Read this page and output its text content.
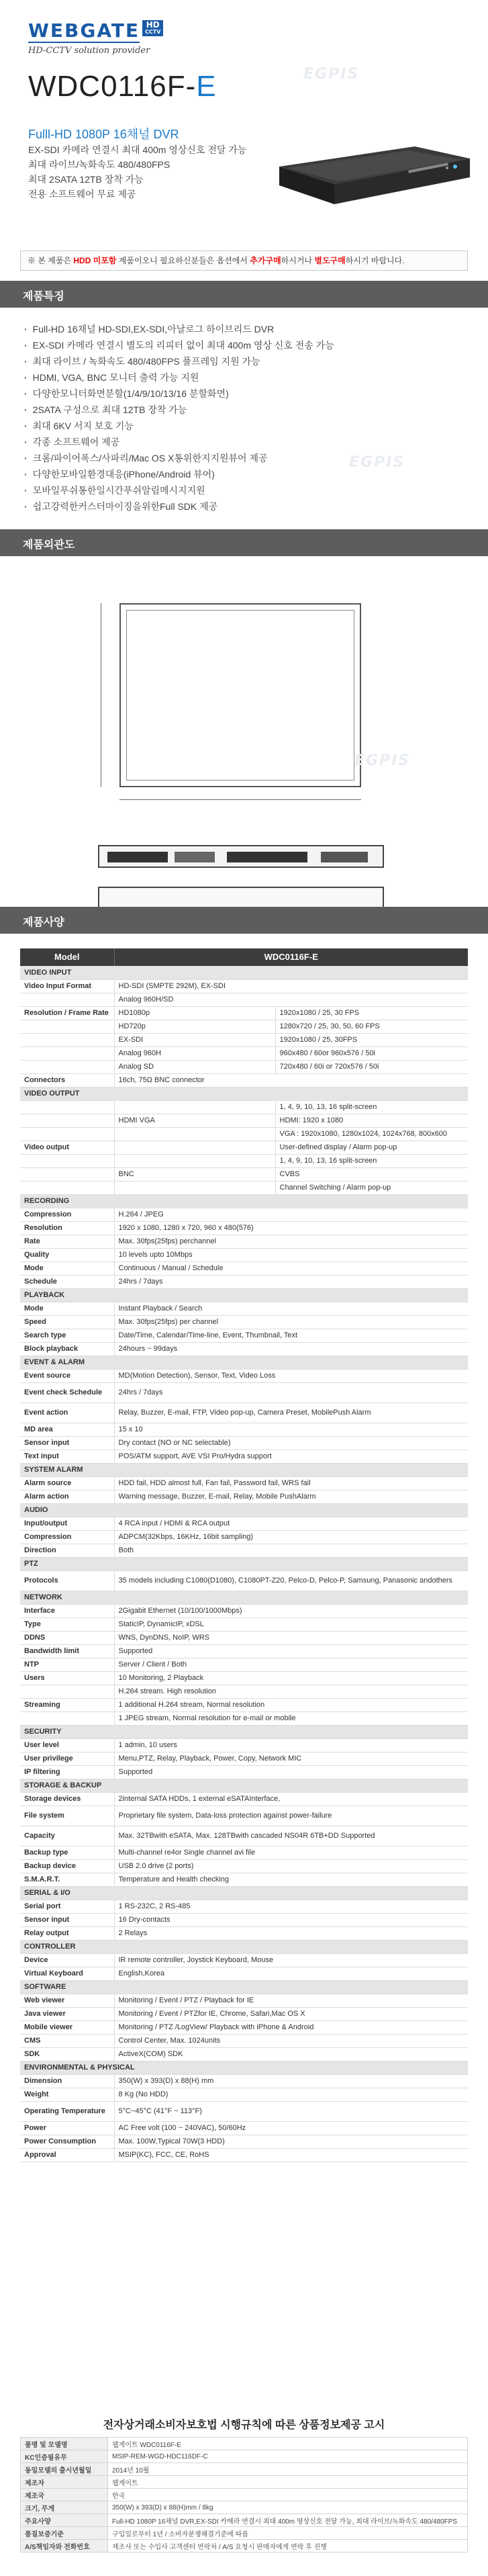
WEBGATE HD
CCTV
HD-CCTV solution provider
WDC0116F-E
Fulll-HD 1080P 16채널 DVR
EX-SDI 카메라 연결시 최대 400m 영상신호 전달 가능
최대 라이브/녹화속도 480/480FPS
최대 2SATA 12TB 장착 가능
전용 소프트웨어 무료 제공
EGPIS
※ 본 제품은 HDD 미포함 제품이오니 필요하신분들은 옵션에서 추가구매하시거나 별도구매하시기 바랍니다.
제품특징
· Full-HD 16채널 HD-SDI,EX-SDI,아날로그 하이브리드 DVR
· EX-SDI 카메라 연결시 별도의 리피터 없이 최대 400m 영상 신호 전송 가능
· 최대 라이브 / 녹화속도 480/480FPS 풀프레임 지원 가능
· HDMI, VGA, BNC 모니터 출력 가능 지원
· 다양한모니터화면분할(1/4/9/10/13/16 분할화면)
· 2SATA 구성으로 최대 12TB 장착 가능
· 최대 6KV 서지 보호 기능
· 각종 소프트웨어 제공
· 크롬/파이어폭스/사파리/Mac OS X통위한지지원뷰어 제공
· 다양한모바일환경대응(iPhone/Android 뷰어)
· 모바일푸쉬통한일시간푸쉬알림메시지지원
· 쉽고강력한커스터마이징을위한Full SDK 제공
EGPIS
제품외관도
EGPIS
제품사양
Model	WDC0116F-E	
VIDEO INPUT		
Video Input Format	HD-SDI (SMPTE 292M), EX-SDI	
	Analog 960H/SD	
Resolution / Frame Rate	HD1080p	1920x1080 / 25, 30 FPS
	HD720p	1280x720 / 25, 30, 50, 60 FPS
	EX-SDI	1920x1080 / 25, 30FPS
	Analog 960H	960x480 / 60or 960x576 / 50i
	Analog SD	720x480 / 60i or 720x576 / 50i
Connectors	16ch, 75Ω BNC connector	
VIDEO OUTPUT		
		1, 4, 9, 10, 13, 16 split-screen
	HDMI VGA	HDMI: 1920 x 1080
		VGA : 1920x1080, 1280x1024, 1024x768, 800x600
Video output		User-defined display / Alarm pop-up
		1, 4, 9, 10, 13, 16 split-screen
	BNC	CVBS
		Channel Switching / Alarm pop-up
RECORDING		
Compression	H.264 / JPEG	
Resolution	1920 x 1080, 1280 x 720, 960 x 480(576)	
Rate	Max. 30fps(25fps) perchannel	
Quality	10 levels upto 10Mbps	
Mode	Continuous / Manual / Schedule	
Schedule	24hrs / 7days	
PLAYBACK		
Mode	Instant Playback / Search	
Speed	Max. 30fps(25fps) per channel	
Search type	Date/Time, Calendar/Time-line, Event, Thumbnail, Text	
Block playback	24hours ~ 99days	
EVENT & ALARM		
Event source	MD(Motion Detection), Sensor, Text, Video Loss	
Event check Schedule	24hrs / 7days	
Event action	Relay, Buzzer, E-mail, FTP, Video pop-up, Camera Preset, MobilePush Alarm	
MD area	15 x 10	
Sensor input	Dry contact (NO or NC selectable)	
Text input	POS/ATM support, AVE VSI Pro/Hydra support	
SYSTEM ALARM		
Alarm source	HDD fail, HDD almost full, Fan fail, Password fail, WRS fail	
Alarm action	Warning message, Buzzer, E-mail, Relay, Mobile PushAlarm	
AUDIO		
Input/output	4 RCA input / HDMI & RCA output	
Compression	ADPCM(32Kbps, 16KHz, 16bit sampling)	
Direction	Both	
PTZ		
Protocols	35 models including C1080(D1080), C1080PT-Z20, Pelco-D, Pelco-P, Samsung, Panasonic andothers	
NETWORK		
Interface	2Gigabit Ethernet (10/100/1000Mbps)	
Type	StaticIP, DynamicIP, xDSL	
DDNS	WNS, DynDNS, NoIP, WRS	
Bandwidth limit	Supported	
NTP	Server / Client / Both	
Users	10 Monitoring, 2 Playback	
	H.264 stream. High resolution	
Streaming	1 additional H.264 stream, Normal resolution	
	1 JPEG stream, Normal resolution for e-mail or mobile	
SECURITY		
User level	1 admin, 10 users	
User privilege	Menu,PTZ, Relay, Playback, Power, Copy, Network MIC	
IP filtering	Supported	
STORAGE & BACKUP		
Storage devices	2internal SATA HDDs, 1 external eSATAInterface,	
File system	Proprietary file system, Data-loss protection against power-failure	
Capacity	Max. 32TBwith eSATA, Max. 128TBwith cascaded NS04R 6TB+DD Supported	
Backup type	Multi-channel re4or Single channel avi file	
Backup device	USB 2.0 drive (2 ports)	
S.M.A.R.T.	Temperature and Health checking	
SERIAL & I/O		
Serial port	1 RS-232C, 2 RS-485	
Sensor input	16 Dry-contacts	
Relay output	2 Relays	
CONTROLLER		
Device	IR remote controller, Joystick Keyboard, Mouse	
Virtual Keyboard	English,Korea	
SOFTWARE		
Web viewer	Monitoring / Event / PTZ / Playback for IE	
Java viewer	Monitoring / Event / PTZfor IE, Chrome, Safari,Mac OS X	
Mobile viewer	Monitoring / PTZ /LogView/ Playback with iPhone & Android	
CMS	Control Center, Max. 1024units	
SDK	ActiveX(COM) SDK	
ENVIRONMENTAL & PHYSICAL		
Dimension	350(W) x 393(D) x 88(H) mm	
Weight	8 Kg (No HDD)	
Operating Temperature	5°C~45°C (41°F ~ 113°F)	
Power	AC Free volt (100 ~ 240VAC), 50/60Hz	
Power Consumption	Max. 100W,Typical 70W(3 HDD)	
Approval	MSIP(KC), FCC, CE, RoHS	
전자상거래소비자보호법 시행규칙에 따른 상품정보제공 고시
품명 및 모델명	웹게이트 WDC0116F-E
KC인증필유무	MSIP-REM-WGD-HDC116DF-C
동일모델의 출시년월일	2014년 10월
제조자	웹게이트
제조국	한국
크기, 무게	350(W) x 393(D) x 88(H)mm / 8kg
주요사양	Full-HD 1080P 16채널 DVR,EX-SDI 카메라 연결시 최대 400m 영상신호 전달 가능, 최대 라이브/녹화속도 480/480FPS
품질보증기준	구입일로부터 1년 / 소비자분쟁해결기준에 따름
A/S책임자와 전화번호	제조사 또는 수입사 고객센터 연락처 / A/S 요청시 판매자에게 연락 후 진행
